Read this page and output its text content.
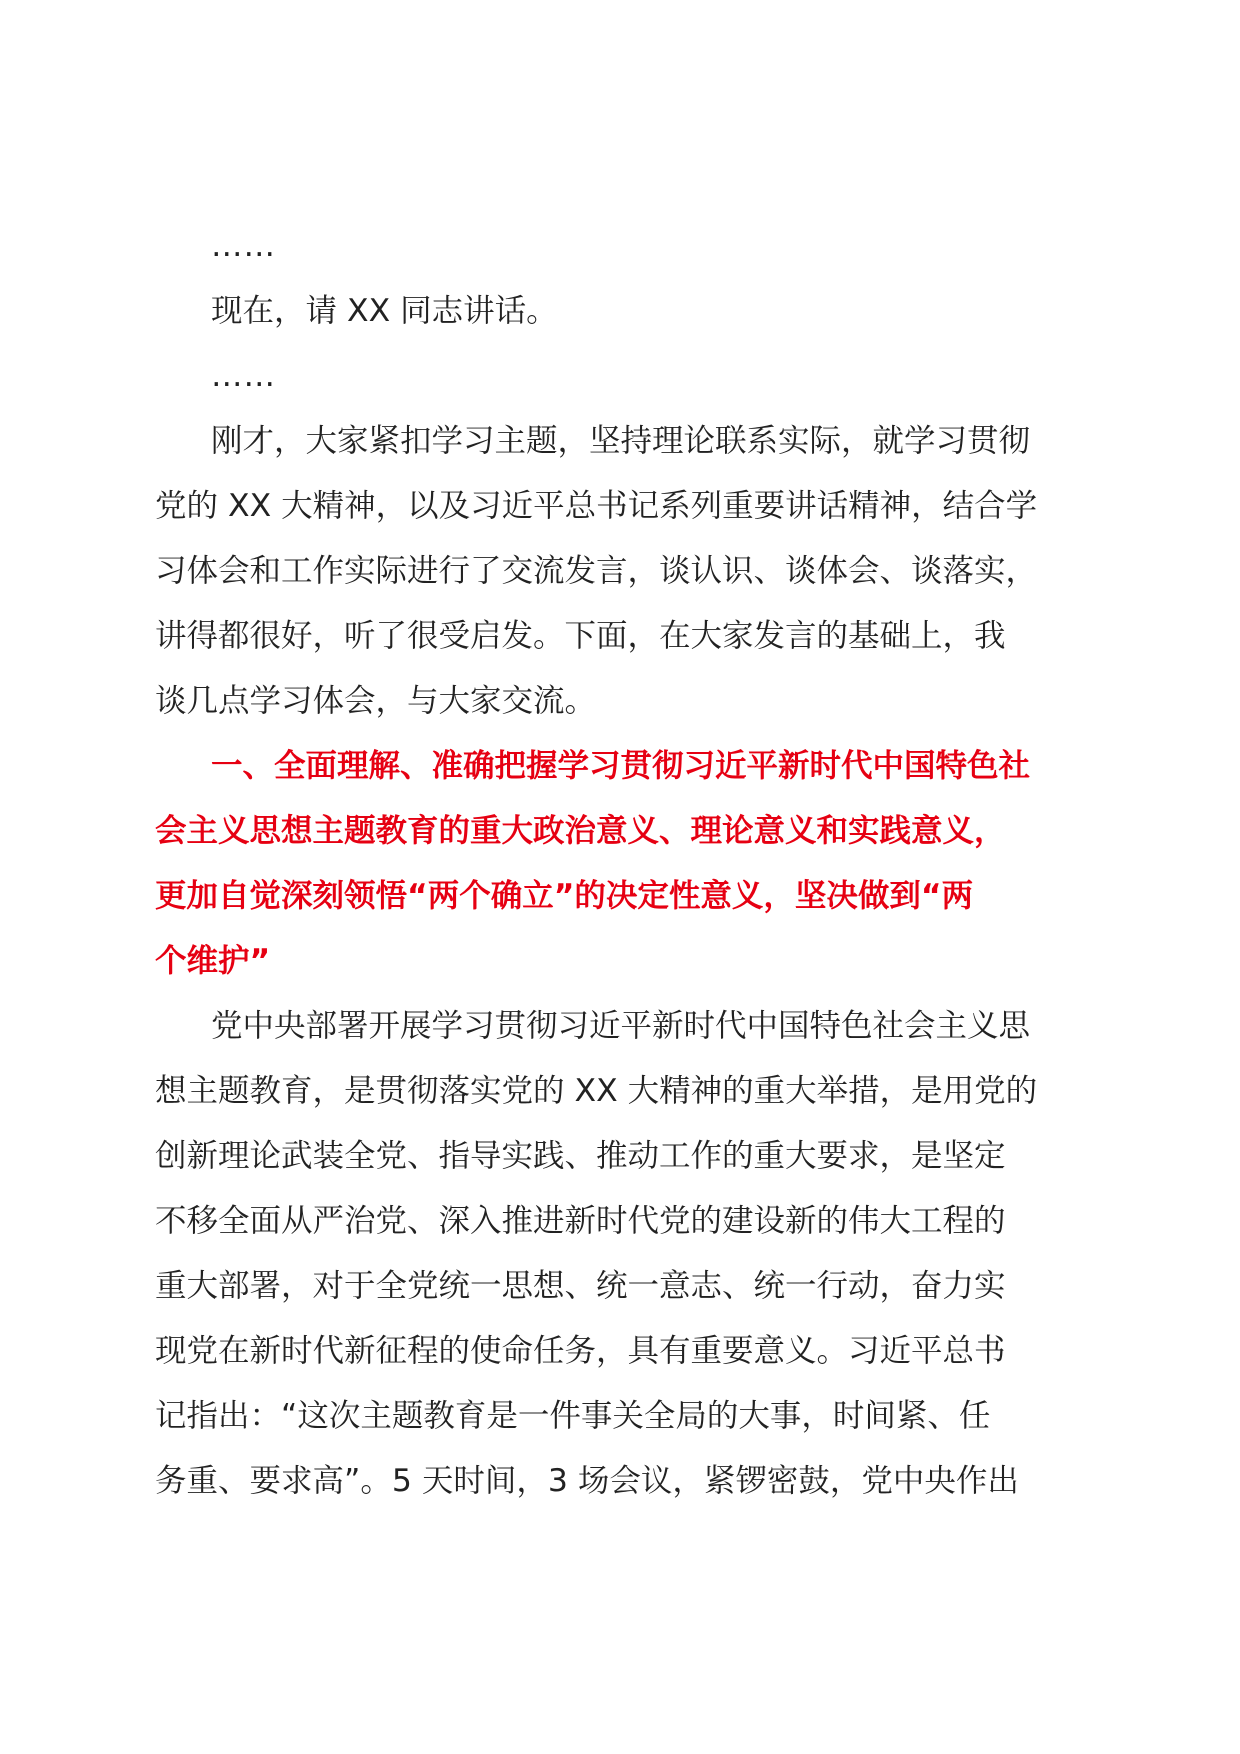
……
现在，请 XX 同志讲话。
……
刚才，大家紧扣学习主题，坚持理论联系实际，就学习贯彻
党的 XX 大精神，以及习近平总书记系列重要讲话精神，结合学
习体会和工作实际进行了交流发言，谈认识、谈体会、谈落实，
讲得都很好，听了很受启发。下面，在大家发言的基础上，我
谈几点学习体会，与大家交流。
一、全面理解、准确把握学习贯彻习近平新时代中国特色社
会主义思想主题教育的重大政治意义、理论意义和实践意义，
更加自觉深刻领悟“两个确立”的决定性意义，坚决做到“两
个维护”
党中央部署开展学习贯彻习近平新时代中国特色社会主义思
想主题教育，是贯彻落实党的 XX 大精神的重大举措，是用党的
创新理论武装全党、指导实践、推动工作的重大要求，是坚定
不移全面从严治党、深入推进新时代党的建设新的伟大工程的
重大部署，对于全党统一思想、统一意志、统一行动，奋力实
现党在新时代新征程的使命任务，具有重要意义。习近平总书
记指出：“这次主题教育是一件事关全局的大事，时间紧、任
务重、要求高”。5 天时间，3 场会议，紧锣密鼓，党中央作出
